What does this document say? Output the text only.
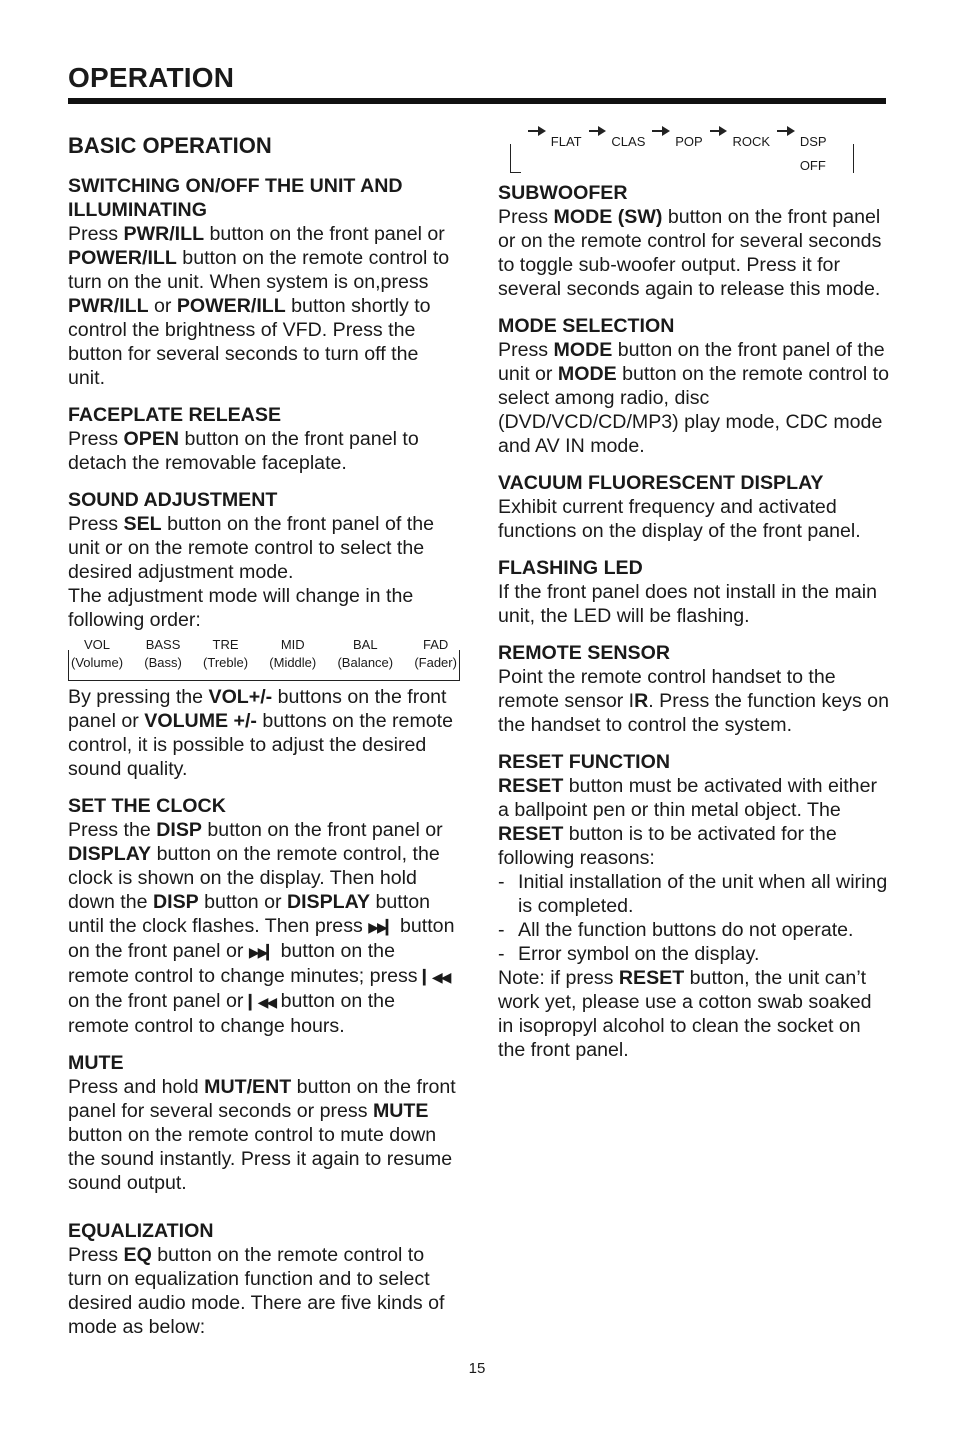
OPERATION
BASIC OPERATION
SWITCHING ON/OFF THE UNIT AND ILLUMINATING

Press PWR/ILL button on the front panel or POWER/ILL button on the remote control to turn on the unit. When system is on,press PWR/ILL or POWER/ILL button shortly to control the brightness of VFD. Press the button for several seconds to turn off the unit.

FACEPLATE RELEASE

Press OPEN button on the front panel to detach the removable faceplate.

SOUND ADJUSTMENT

Press SEL button on the front panel of the unit or on the remote control to select the desired adjustment mode.

The adjustment mode will change in the following order:

VOL
(Volume)
BASS
(Bass)
TRE
(Treble)
MID
(Middle)
BAL
(Balance)
FAD
(Fader)

By pressing the VOL+/- buttons on the front panel or VOLUME +/- buttons on the remote control, it is possible to adjust the desired sound quality.

SET THE CLOCK

Press the DISP button on the front panel or DISPLAY button on the remote control, the clock is shown on the display. Then hold down the DISP button or DISPLAY button until the clock flashes. Then press ▶▶▎ button on the front panel or ▶▶▎ button on the remote control to change minutes; press ▎◀◀ on the front panel or ▎◀◀ button on the remote control to change hours.

MUTE

Press and hold MUT/ENT button on the front panel for several seconds or press MUTE button on the remote control to mute down the sound instantly. Press it again to resume sound output.

EQUALIZATION

Press EQ button on the remote control to turn on equalization function and to select desired audio mode. There are five kinds of mode as below:

FLAT CLAS POP ROCK DSP OFF
SUBWOOFER

Press MODE (SW) button on the front panel or on the remote control for several seconds to toggle sub-woofer output. Press it for several seconds again to release this mode.

MODE SELECTION

Press MODE button on the front panel of the unit or MODE button on the remote control to select among radio, disc (DVD/VCD/CD/MP3) play mode, CDC mode and AV IN mode.

VACUUM FLUORESCENT DISPLAY

Exhibit current frequency and activated functions on the display of the front panel.

FLASHING LED

If the front panel does not install in the main unit, the LED will be flashing.

REMOTE SENSOR

Point the remote control handset to the remote sensor IR. Press the function keys on the handset to control the system.

RESET FUNCTION

RESET button must be activated with either a ballpoint pen or thin metal object. The RESET button is to be activated for the following reasons:

- Initial installation of the unit when all wiring is completed.
- All the function buttons do not operate.
- Error symbol on the display.

Note: if press RESET button, the unit can’t work yet, please use a cotton swab soaked in isopropyl alcohol to clean the socket on the front panel.

15
